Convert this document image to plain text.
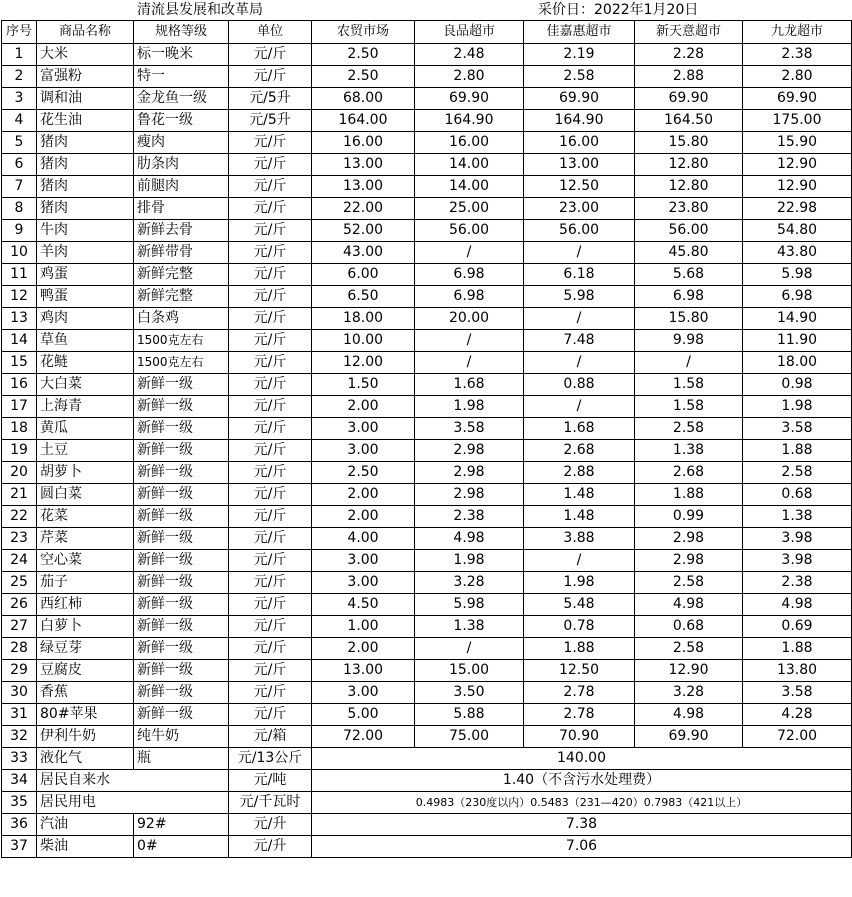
清流县发展和改革局	采价日：2022年1月20日
序号	商品名称	规格等级	单位	农贸市场	良品超市	佳嘉惠超市	新天意超市	九龙超市
1	大米	标一晚米	元/斤	2.50	2.48	2.19	2.28	2.38
2	富强粉	特一	元/斤	2.50	2.80	2.58	2.88	2.80
3	调和油	金龙鱼一级	元/5升	68.00	69.90	69.90	69.90	69.90
4	花生油	鲁花一级	元/5升	164.00	164.90	164.90	164.50	175.00
5	猪肉	瘦肉	元/斤	16.00	16.00	16.00	15.80	15.90
6	猪肉	肋条肉	元/斤	13.00	14.00	13.00	12.80	12.90
7	猪肉	前腿肉	元/斤	13.00	14.00	12.50	12.80	12.90
8	猪肉	排骨	元/斤	22.00	25.00	23.00	23.80	22.98
9	牛肉	新鲜去骨	元/斤	52.00	56.00	56.00	56.00	54.80
10	羊肉	新鲜带骨	元/斤	43.00	/	/	45.80	43.80
11	鸡蛋	新鲜完整	元/斤	6.00	6.98	6.18	5.68	5.98
12	鸭蛋	新鲜完整	元/斤	6.50	6.98	5.98	6.98	6.98
13	鸡肉	白条鸡	元/斤	18.00	20.00	/	15.80	14.90
14	草鱼	1500克左右	元/斤	10.00	/	7.48	9.98	11.90
15	花鲢	1500克左右	元/斤	12.00	/	/	/	18.00
16	大白菜	新鲜一级	元/斤	1.50	1.68	0.88	1.58	0.98
17	上海青	新鲜一级	元/斤	2.00	1.98	/	1.58	1.98
18	黄瓜	新鲜一级	元/斤	3.00	3.58	1.68	2.58	3.58
19	土豆	新鲜一级	元/斤	3.00	2.98	2.68	1.38	1.88
20	胡萝卜	新鲜一级	元/斤	2.50	2.98	2.88	2.68	2.58
21	圆白菜	新鲜一级	元/斤	2.00	2.98	1.48	1.88	0.68
22	花菜	新鲜一级	元/斤	2.00	2.38	1.48	0.99	1.38
23	芹菜	新鲜一级	元/斤	4.00	4.98	3.88	2.98	3.98
24	空心菜	新鲜一级	元/斤	3.00	1.98	/	2.98	3.98
25	茄子	新鲜一级	元/斤	3.00	3.28	1.98	2.58	2.38
26	西红柿	新鲜一级	元/斤	4.50	5.98	5.48	4.98	4.98
27	白萝卜	新鲜一级	元/斤	1.00	1.38	0.78	0.68	0.69
28	绿豆芽	新鲜一级	元/斤	2.00	/	1.88	2.58	1.88
29	豆腐皮	新鲜一级	元/斤	13.00	15.00	12.50	12.90	13.80
30	香蕉	新鲜一级	元/斤	3.00	3.50	2.78	3.28	3.58
31	80#苹果	新鲜一级	元/斤	5.00	5.88	2.78	4.98	4.28
32	伊利牛奶	纯牛奶	元/箱	72.00	75.00	70.90	69.90	72.00
33	液化气	瓶	元/13公斤	140.00				
34	居民自来水		元/吨	1.40（不含污水处理费）				
35	居民用电		元/千瓦时	0.4983（230度以内）0.5483（231—420）0.7983（421以上）				
36	汽油	92#	元/升	7.38				
37	柴油	0#	元/升	7.06				
